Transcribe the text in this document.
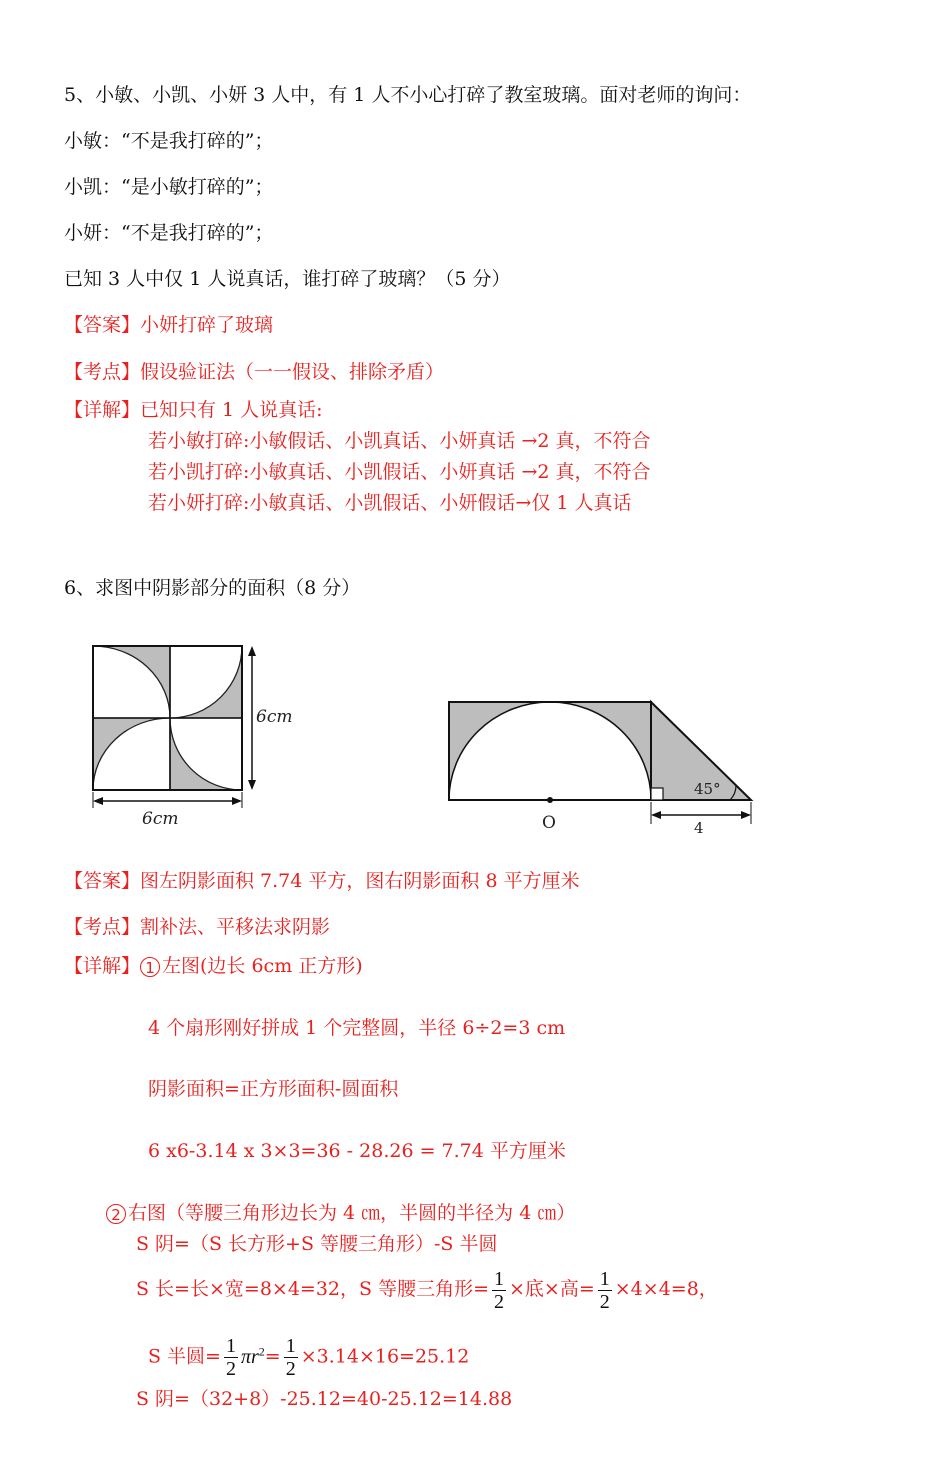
5、小敏、小凯、小妍 3 人中，有 1 人不小心打碎了教室玻璃。面对老师的询问：
小敏：“不是我打碎的”；
小凯：“是小敏打碎的”；
小妍：“不是我打碎的”；
已知 3 人中仅 1 人说真话，谁打碎了玻璃？（5 分）
【答案】小妍打碎了玻璃
【考点】假设验证法（一一假设、排除矛盾）
【详解】已知只有 1 人说真话:
若小敏打碎:小敏假话、小凯真话、小妍真话 →2 真，不符合
若小凯打碎:小敏真话、小凯假话、小妍真话 →2 真，不符合
若小妍打碎:小敏真话、小凯假话、小妍假话→仅 1 人真话
6、求图中阴影部分的面积（8 分）
6cm
6cm
45°
O	4
【答案】图左阴影面积 7.74 平方，图右阴影面积 8 平方厘米
【考点】割补法、平移法求阴影
【详解】 1 左图(边长 6cm 正方形)
4 个扇形刚好拼成 1 个完整圆，半径 6÷2=3 cm
阴影面积=正方形面积-圆面积
6 x6-3.14 x 3×3=36 - 28.26 = 7.74 平方厘米
2 右图（等腰三角形边长为 4 ㎝，半圆的半径为 4 ㎝）
S 阴=（S 长方形+S 等腰三角形）-S 半圆
S 长=长×宽=8×4=32，S 等腰三角形= $\frac{1}{2}$ ×底×高= $\frac{1}{2} \times 4\times 4=8$，
S 半圆= $\frac{1}{2} \pi r^2= \frac{1}{2} \times 3.14\times 16=25.12$
S 阴=（32+8）-25.12=40-25.12=14.88
